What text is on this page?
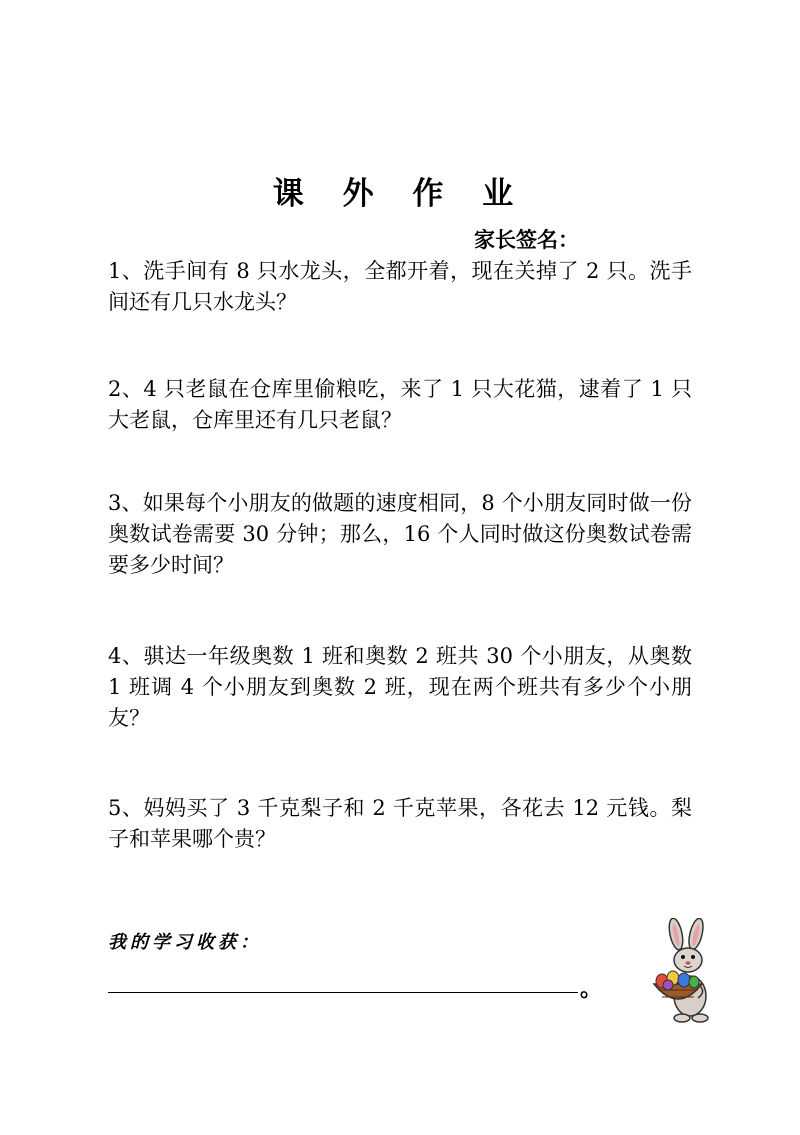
课 外 作 业
家长签名：

1、洗手间有 8 只水龙头，全都开着，现在关掉了 2 只。洗手间还有几只水龙头？

2、4 只老鼠在仓库里偷粮吃，来了 1 只大花猫，逮着了 1 只大老鼠，仓库里还有几只老鼠？

3、如果每个小朋友的做题的速度相同，8 个小朋友同时做一份奥数试卷需要 30 分钟；那么，16 个人同时做这份奥数试卷需要多少时间？

4、骐达一年级奥数 1 班和奥数 2 班共 30 个小朋友，从奥数 1 班调 4 个小朋友到奥数 2 班，现在两个班共有多少个小朋友？

5、妈妈买了 3 千克梨子和 2 千克苹果，各花去 12 元钱。梨子和苹果哪个贵？

我的学习收获：
。
